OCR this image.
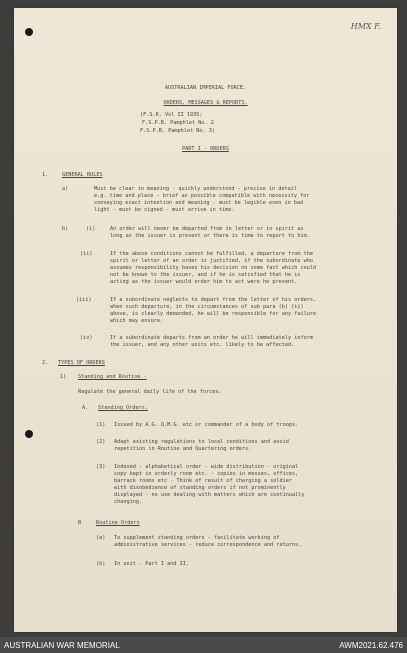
HMX F.
AUSTRALIAN IMPERIAL FORCE.
ORDERS, MESSAGES & REPORTS.
(F.S.R. Vol II 1935;
F.S.P.B. Pamphlet No. 2
F.S.P.B. Pamphlet No. 3)
PART I - ORDERS
1.	GENERAL RULES
a)	Must be clear in meaning - quickly understood - precise in detail
e.g. time and place - brief as possible compatible with necessity for
conveying exact intention and meaning - must be legible even in bad
light - must be signed - must arrive in time.
b)	(i)	An order will never be departed from in letter or in spirit as
long as the issuer is present or there is time to report to him.
(ii)	If the above conditions cannot be fulfilled, a departure from the
spirit or letter of an order is justified, if the subordinate who
assumes responsibility bases his decision on some fact which could
not be known to the issuer, and if he is satisfied that he is
acting as the issuer would order him to act were he present.
(iii)	If a subordinate neglects to depart from the letter of his orders,
when such departure, in the circumstances of sub para (b) (ii)
above, is clearly demanded, he will be responsible for any failure
which may ensure.
(iv)	If a subordinate departs from an order he will immediately inform
the issuer, and any other units etc. likely to be affected.
2. TYPES OF ORDERS
1) Standing and Routine -
Regulate the general daily life of the forces.
A. Standing Orders.
(1) Issued by A.G. Q.M.G. etc or commander of a body of troops.
(2) Adapt existing regulations to local conditions and avoid
repetition in Routine and Quartering orders.
(3) Indexed - alphabetical order - wide distribution - original
copy kept in orderly room etc. - copies in messes, offices,
barrack rooms etc - Think of result of charging a soldier
with disobedience of standing orders if not prominently
displayed - no use dealing with matters which are continually
changing.
B	Routine Orders
(a) To supplement standing orders - facilitate working of
administrative services - reduce correspondence and returns.
(b) In unit - Part I and II.
AUSTRALIAN WAR MEMORIAL	AWM2021.62.476
